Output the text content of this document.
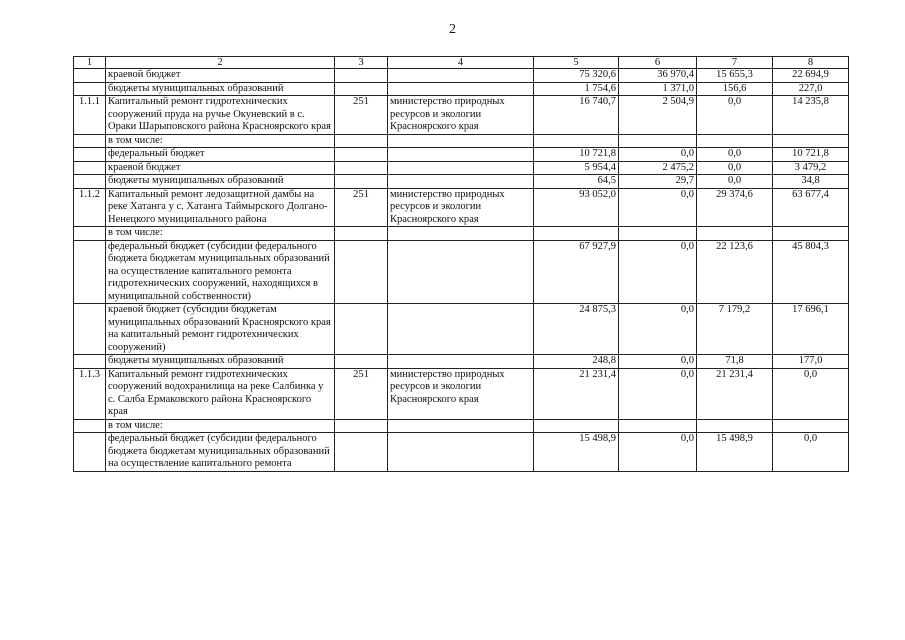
2
1	2	3	4	5	6	7	8
	краевой бюджет			75 320,6	36 970,4	15 655,3	22 694,9
	бюджеты муниципальных образований			1 754,6	1 371,0	156,6	227,0
1.1.1	Капитальный ремонт гидротехнических сооружений пруда на ручье Окуневский в с. Ораки Шарыповского района Красноярского края	251	министерство природных ресурсов и экологии Красноярского края	16 740,7	2 504,9	0,0	14 235,8
	в том числе:						
	федеральный бюджет			10 721,8	0,0	0,0	10 721,8
	краевой бюджет			5 954,4	2 475,2	0,0	3 479,2
	бюджеты муниципальных образований			64,5	29,7	0,0	34,8
1.1.2	Капитальный ремонт ледозащитной дамбы на реке Хатанга у с. Хатанга Таймырского Долгано-Ненецкого муниципального района	251	министерство природных ресурсов и экологии Красноярского края	93 052,0	0,0	29 374,6	63 677,4
	в том числе:						
	федеральный бюджет (субсидии федерального бюджета бюджетам муниципальных образований на осуществление капитального ремонта гидротехнических сооружений, находящихся в муниципальной собственности)			67 927,9	0,0	22 123,6	45 804,3
	краевой бюджет (субсидии бюджетам муниципальных образований Красноярского края на капитальный ремонт гидротехнических сооружений)			24 875,3	0,0	7 179,2	17 696,1
	бюджеты муниципальных образований			248,8	0,0	71,8	177,0
1.1.3	Капитальный ремонт гидротехнических сооружений водохранилища на реке Салбинка у с. Салба Ермаковского района Красноярского края	251	министерство природных ресурсов и экологии Красноярского края	21 231,4	0,0	21 231,4	0,0
	в том числе:						
	федеральный бюджет (субсидии федерального бюджета бюджетам муниципальных образований на осуществление капитального ремонта			15 498,9	0,0	15 498,9	0,0
